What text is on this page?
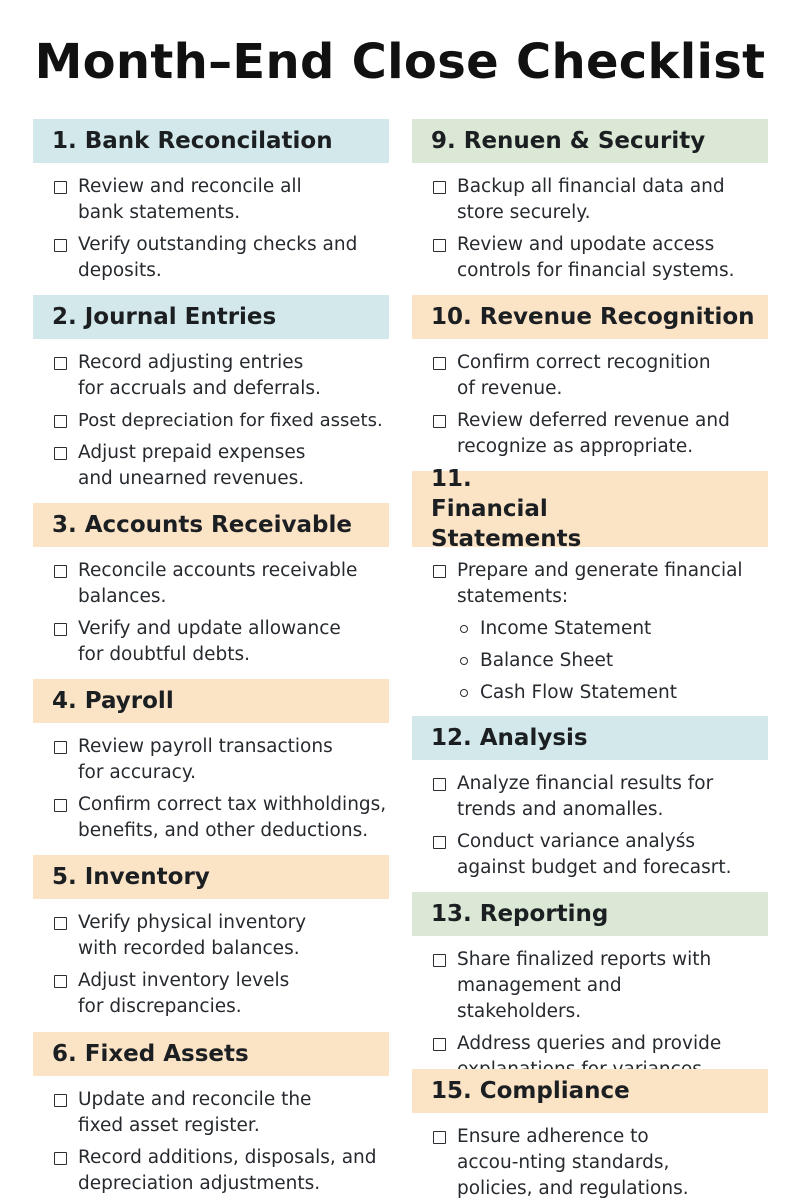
Month–End Close Checklist
1. Bank Reconcilation
Review and reconcile all bank statements.
Verify outstanding checks and deposits.
2. Journal Entries
Record adjusting entries for accruals and deferrals.
Post depreciation for fixed assets.
Adjust prepaid expenses and unearned revenues.
3. Accounts Receivable
Reconcile accounts receivable balances.
Verify and update allowance for doubtful debts.
4. Payroll
Review payroll transactions for accuracy.
Confirm correct tax withholdings, benefits, and other deductions.
5. Inventory
Verify physical inventory with recorded balances.
Adjust inventory levels for discrepancies.
6. Fixed Assets
Update and reconcile the fixed asset register.
Record additions, disposals, and depreciation adjustments.
9. Renuen & Security
Backup all financial data and store securely.
Review and upodate access controls for financial systems.
10. Revenue Recognition
Confirm correct recognition of revenue.
Review deferred revenue and recognize as appropriate.
11. Financial Statements
Prepare and generate financial statements:
Income Statement
Balance Sheet
Cash Flow Statement
12. Analysis
Analyze financial results for trends and anomalles.
Conduct variance analyśs against budget and forecasrt.
13. Reporting
Share finalized reports with management and stakeholders.
Address queries and provide
15. Compliance
Ensure adherence to accou-nting standards, policies, and regulations.
